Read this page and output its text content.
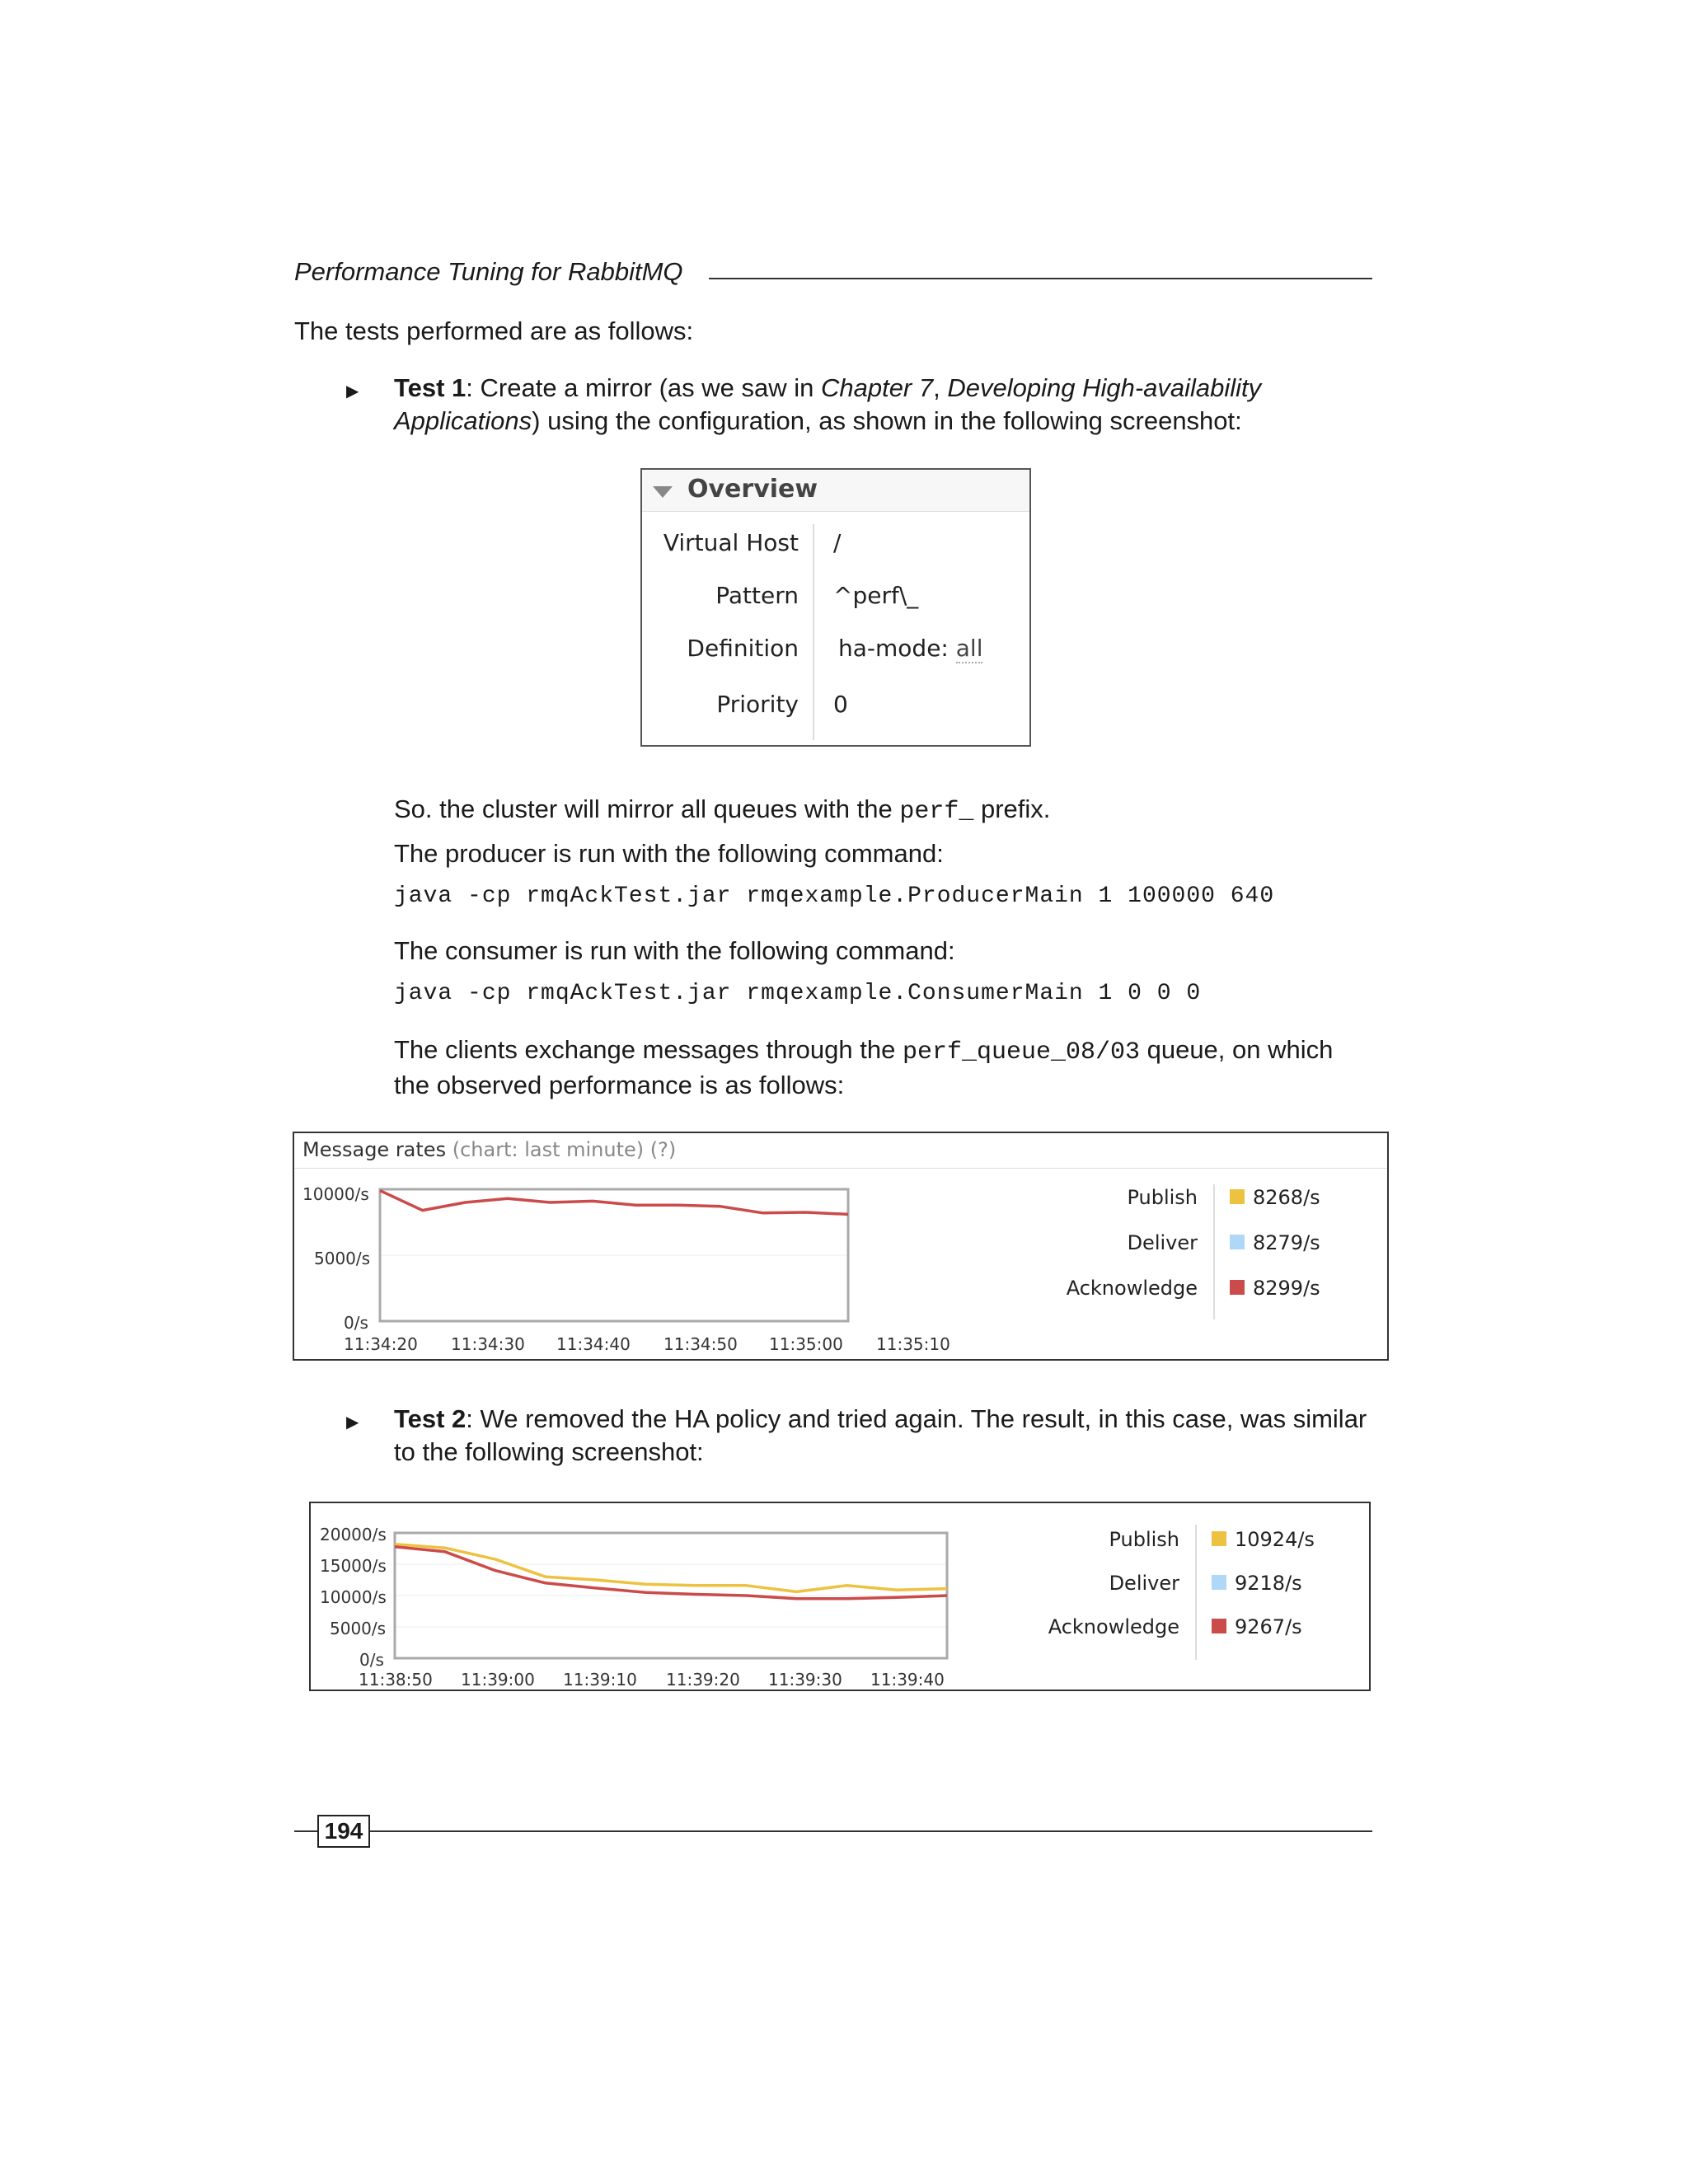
Performance Tuning for RabbitMQ
The tests performed are as follows:
▶ Test 1: Create a mirror (as we saw in Chapter 7, Developing High-availability
Applications) using the configuration, as shown in the following screenshot:
Overview
Virtual Host /
Pattern ^perf\_
Definition ha-mode: all
Priority 0
So. the cluster will mirror all queues with the perf_ prefix.
The producer is run with the following command:
java -cp rmqAckTest.jar rmqexample.ProducerMain 1 100000 640
The consumer is run with the following command:
java -cp rmqAckTest.jar rmqexample.ConsumerMain 1 0 0 0
The clients exchange messages through the perf_queue_08/03 queue, on which
the observed performance is as follows:
Message rates (chart: last minute) (?)
10000/s
5000/s
0/s
11:34:20 11:34:30 11:34:40 11:34:50 11:35:00 11:35:10
Publish
Deliver
Acknowledge
8268/s
8279/s
8299/s
▶ Test 2: We removed the HA policy and tried again. The result, in this case, was similar
to the following screenshot:
20000/s
15000/s
10000/s
5000/s
0/s
11:38:50 11:39:00 11:39:10 11:39:20 11:39:30 11:39:40
Publish
Deliver
Acknowledge
10924/s
9218/s
9267/s
194
